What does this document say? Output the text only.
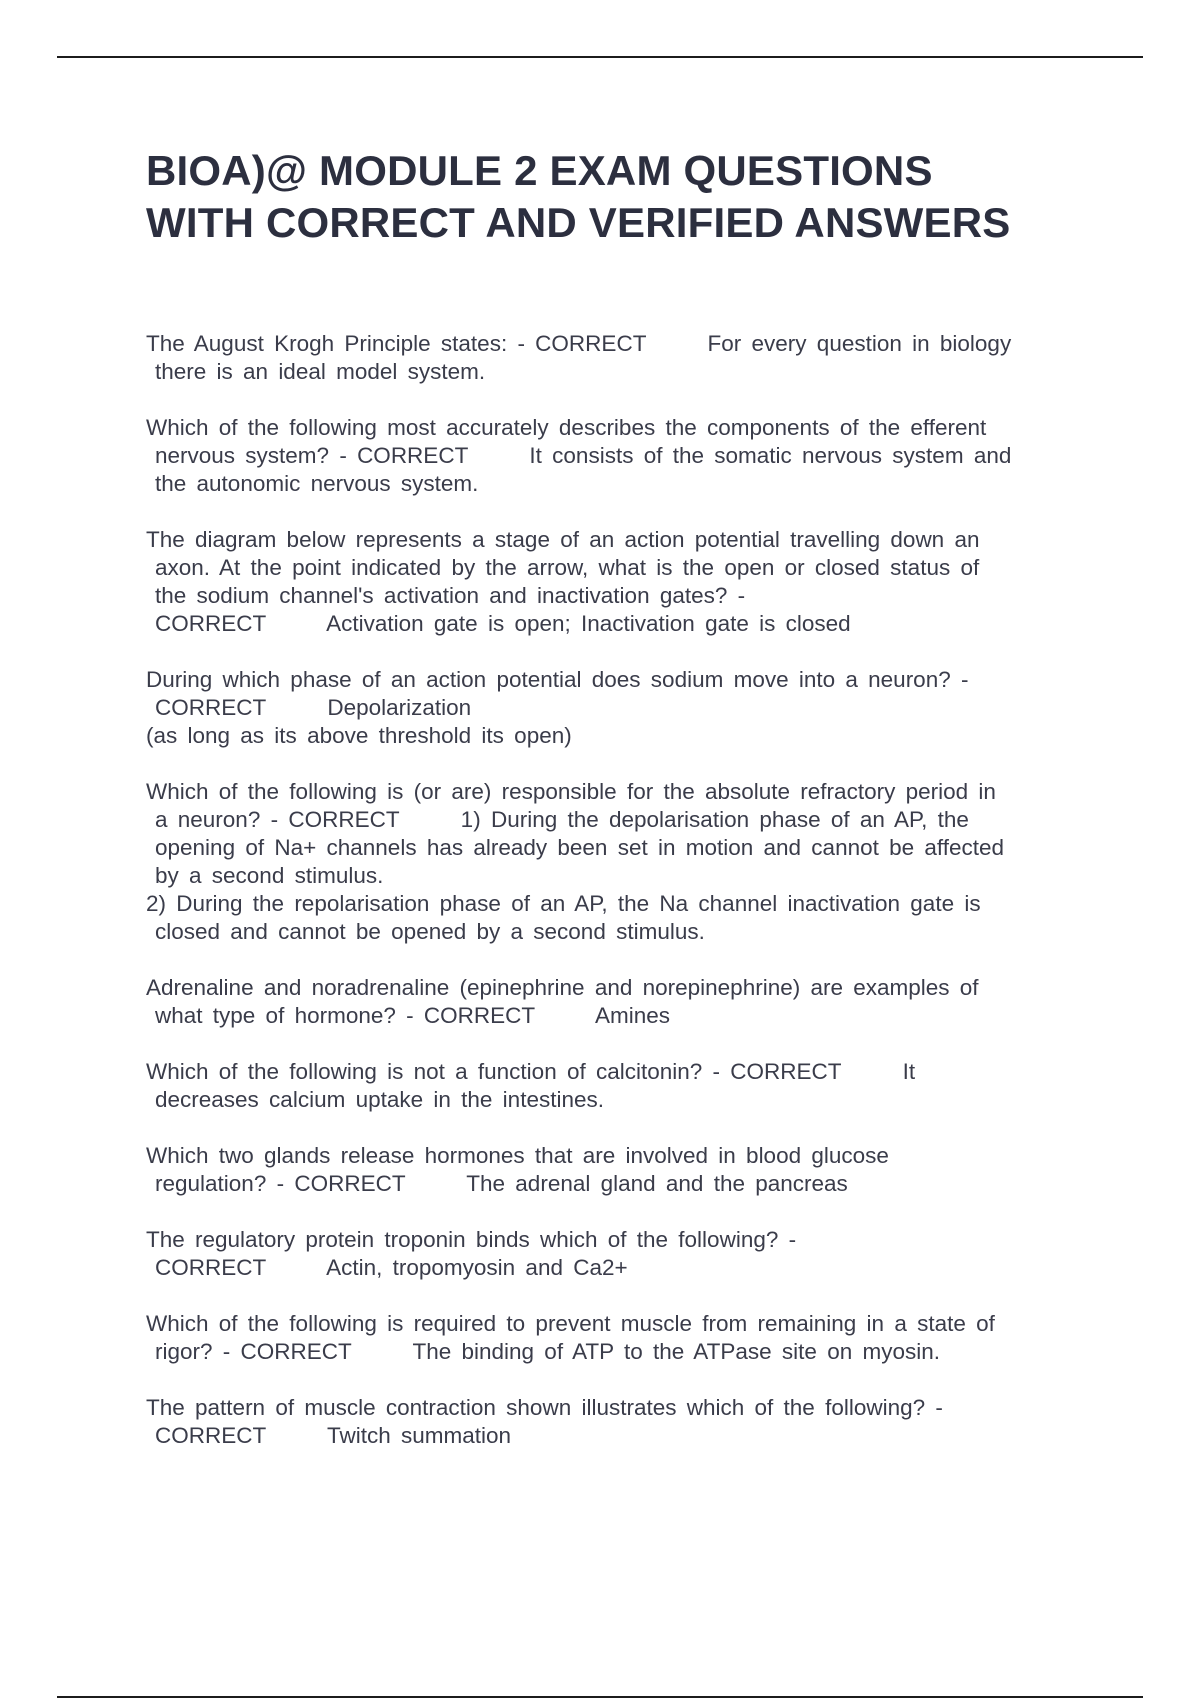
BIOA)@ MODULE 2 EXAM QUESTIONS
WITH CORRECT AND VERIFIED ANSWERS
The August Krogh Principle states: - CORRECT      For every question in biology
there is an ideal model system.
Which of the following most accurately describes the components of the efferent
nervous system? - CORRECT      It consists of the somatic nervous system and
the autonomic nervous system.
The diagram below represents a stage of an action potential travelling down an
axon. At the point indicated by the arrow, what is the open or closed status of
the sodium channel's activation and inactivation gates? -
CORRECT      Activation gate is open; Inactivation gate is closed
During which phase of an action potential does sodium move into a neuron? -
CORRECT      Depolarization
(as long as its above threshold its open)
Which of the following is (or are) responsible for the absolute refractory period in
a neuron? - CORRECT      1) During the depolarisation phase of an AP, the
opening of Na+ channels has already been set in motion and cannot be affected
by a second stimulus.
2) During the repolarisation phase of an AP, the Na channel inactivation gate is
closed and cannot be opened by a second stimulus.
Adrenaline and noradrenaline (epinephrine and norepinephrine) are examples of
what type of hormone? - CORRECT      Amines
Which of the following is not a function of calcitonin? - CORRECT      It
decreases calcium uptake in the intestines.
Which two glands release hormones that are involved in blood glucose
regulation? - CORRECT      The adrenal gland and the pancreas
The regulatory protein troponin binds which of the following? -
CORRECT      Actin, tropomyosin and Ca2+
Which of the following is required to prevent muscle from remaining in a state of
rigor? - CORRECT      The binding of ATP to the ATPase site on myosin.
The pattern of muscle contraction shown illustrates which of the following? -
CORRECT      Twitch summation
